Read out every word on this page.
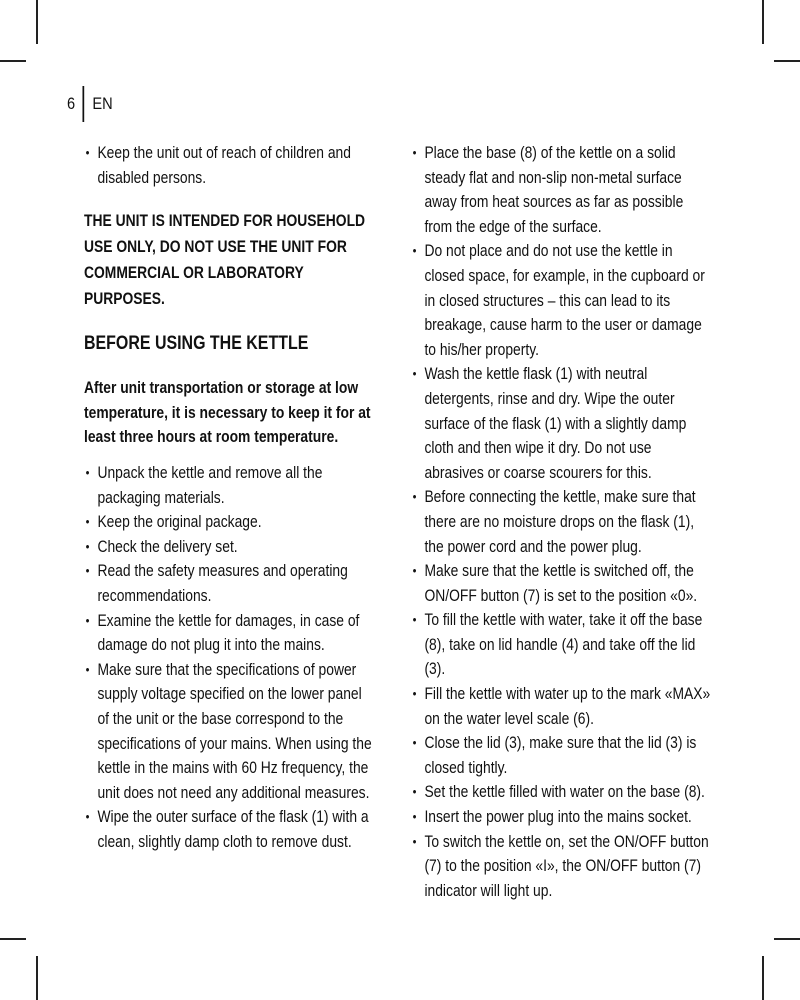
6	EN
• Keep the unit out of reach of children and disabled persons.

THE UNIT IS INTENDED FOR HOUSEHOLD USE ONLY, DO NOT USE THE UNIT FOR COMMERCIAL OR LABORATORY PURPOSES.

BEFORE USING THE KETTLE

After unit transportation or storage at low temperature, it is necessary to keep it for at least three hours at room temperature.

• Unpack the kettle and remove all the packaging materials.
• Keep the original package.
• Check the delivery set.
• Read the safety measures and operating recommendations.
• Examine the kettle for damages, in case of damage do not plug it into the mains.
• Make sure that the specifications of power supply voltage specified on the lower panel of the unit or the base correspond to the specifications of your mains. When using the kettle in the mains with 60 Hz frequency, the unit does not need any additional measures.
• Wipe the outer surface of the flask (1) with a clean, slightly damp cloth to remove dust.
• Place the base (8) of the kettle on a solid steady flat and non-slip non-metal surface away from heat sources as far as possible from the edge of the surface.
• Do not place and do not use the kettle in closed space, for example, in the cupboard or in closed structures – this can lead to its breakage, cause harm to the user or damage to his/her property.
• Wash the kettle flask (1) with neutral detergents, rinse and dry. Wipe the outer surface of the flask (1) with a slightly damp cloth and then wipe it dry. Do not use abrasives or coarse scourers for this.
• Before connecting the kettle, make sure that there are no moisture drops on the flask (1), the power cord and the power plug.
• Make sure that the kettle is switched off, the ON/OFF button (7) is set to the position «0».
• To fill the kettle with water, take it off the base (8), take on lid handle (4) and take off the lid (3).
• Fill the kettle with water up to the mark «MAX» on the water level scale (6).
• Close the lid (3), make sure that the lid (3) is closed tightly.
• Set the kettle filled with water on the base (8).
• Insert the power plug into the mains socket.
• To switch the kettle on, set the ON/OFF button (7) to the position «I», the ON/OFF button (7) indicator will light up.
